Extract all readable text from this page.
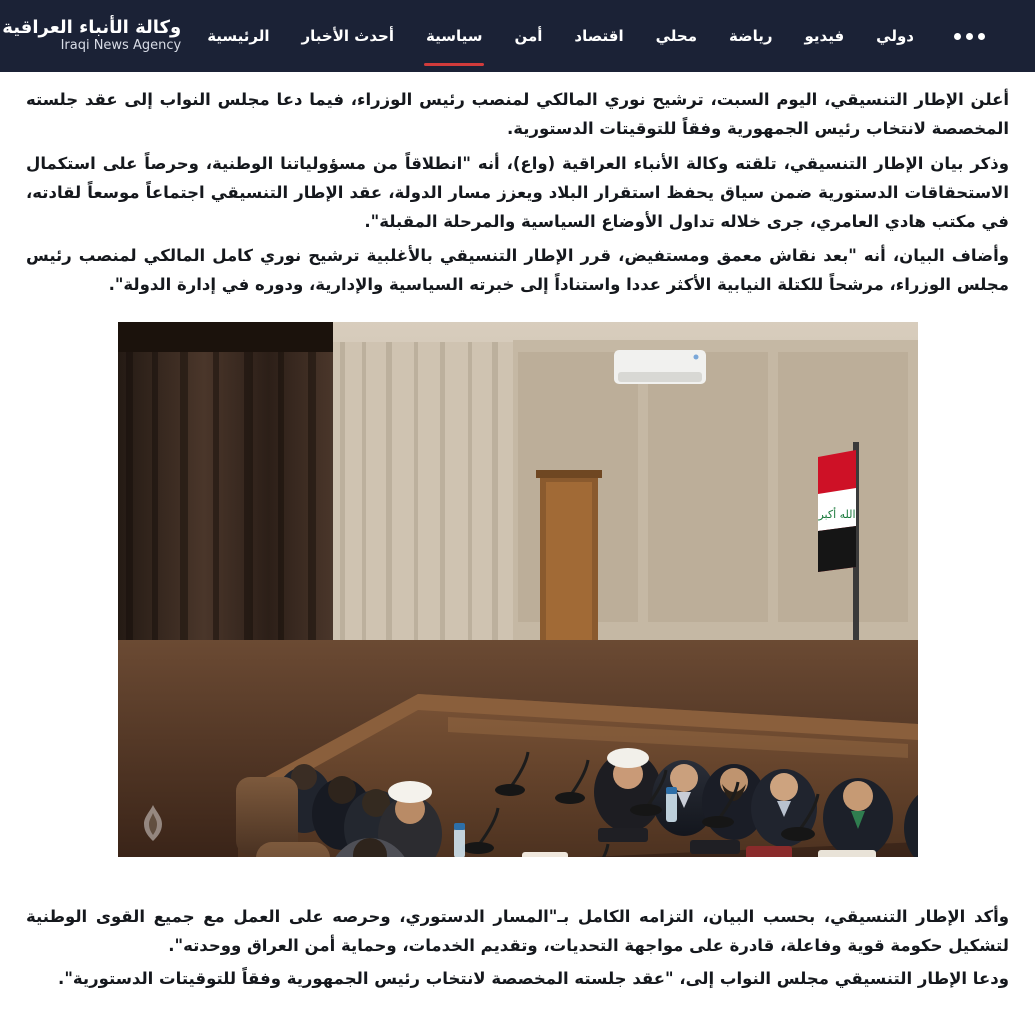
دولي
فيديو
رياضة
محلي
اقتصاد
أمن
سياسية
أحدث الأخبار
الرئيسية
وكالة الأنباء العراقية
Iraqi News Agency

أعلن الإطار التنسيقي، اليوم السبت، ترشيح نوري المالكي لمنصب رئيس الوزراء، فيما دعا مجلس النواب إلى عقد جلسته المخصصة لانتخاب رئيس الجمهورية وفقاً للتوقيتات الدستورية.

وذكر بيان الإطار التنسيقي، تلقته وكالة الأنباء العراقية (واع)، أنه "انطلاقاً من مسؤولياتنا الوطنية، وحرصاً على استكمال الاستحقاقات الدستورية ضمن سياق يحفظ استقرار البلاد ويعزز مسار الدولة، عقد الإطار التنسيقي اجتماعاً موسعاً لقادته، في مكتب هادي العامري، جرى خلاله تداول الأوضاع السياسية والمرحلة المقبلة".

وأضاف البيان، أنه "بعد نقاش معمق ومستفيض، قرر الإطار التنسيقي بالأغلبية ترشيح نوري كامل المالكي لمنصب رئيس مجلس الوزراء، مرشحاً للكتلة النيابية الأكثر عددا واستناداً إلى خبرته السياسية والإدارية، ودوره في إدارة الدولة".

الله أكبر

وأكد الإطار التنسيقي، بحسب البيان، التزامه الكامل بـ"المسار الدستوري، وحرصه على العمل مع جميع القوى الوطنية لتشكيل حكومة قوية وفاعلة، قادرة على مواجهة التحديات، وتقديم الخدمات، وحماية أمن العراق ووحدته".

ودعا الإطار التنسيقي مجلس النواب إلى، "عقد جلسته المخصصة لانتخاب رئيس الجمهورية وفقاً للتوقيتات الدستورية".
